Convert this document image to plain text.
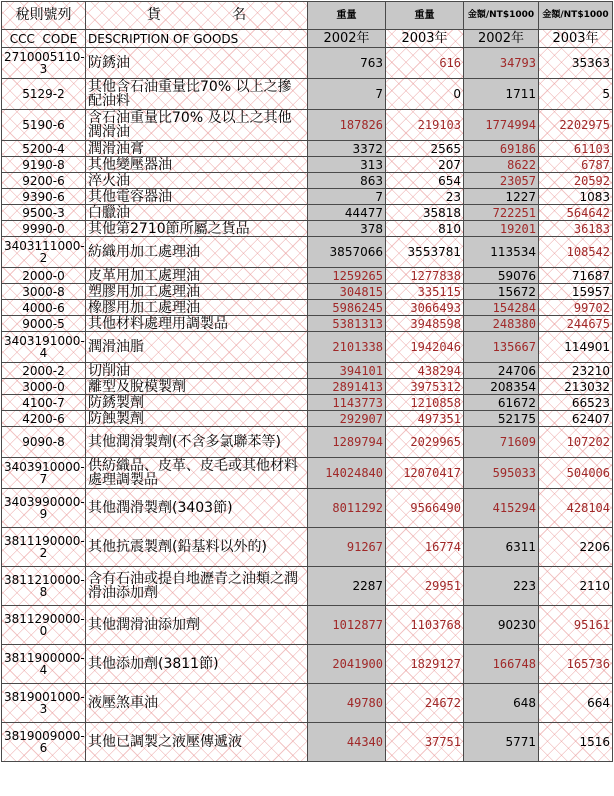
稅則號列	貨                名	重量	重量	金額/NT$1000	金額/NT$1000
CCC  CODE	DESCRIPTION OF GOODS	2002年	2003年	2002年	2003年
2710005110-3	防銹油	763	616	34793	35363
5129-2	其他含石油重量比70% 以上之摻配油料	7	0	1711	5
5190-6	含石油重量比70% 及以上之其他潤滑油	187826	219103	1774994	2202975
5200-4	潤滑油膏	3372	2565	69186	61103
9190-8	其他變壓器油	313	207	8622	6787
9200-6	淬火油	863	654	23057	20592
9390-6	其他電容器油	7	23	1227	1083
9500-3	白臘油	44477	35818	722251	564642
9990-0	其他第2710節所屬之貨品	378	810	19201	36183
3403111000-2	紡織用加工處理油	3857066	3553781	113534	108542
2000-0	皮革用加工處理油	1259265	1277838	59076	71687
3000-8	塑膠用加工處理油	304815	335115	15672	15957
4000-6	橡膠用加工處理油	5986245	3066493	154284	99702
9000-5	其他材料處理用調製品	5381313	3948598	248380	244675
3403191000-4	潤滑油脂	2101338	1942046	135667	114901
2000-2	切削油	394101	438294	24706	23210
3000-0	離型及脫模製劑	2891413	3975312	208354	213032
4100-7	防銹製劑	1143773	1210858	61672	66523
4200-6	防蝕製劑	292907	497351	52175	62407
9090-8	其他潤滑製劑(不含多氯聯苯等)	1289794	2029965	71609	107202
3403910000-7	供紡織品、皮革、皮毛或其他材料處理調製品	14024840	12070417	595033	504006
3403990000-9	其他潤滑製劑(3403節)	8011292	9566490	415294	428104
3811190000-2	其他抗震製劑(鉛基料以外的)	91267	16774	6311	2206
3811210000-8	含有石油或提自地瀝青之油類之潤滑油添加劑	2287	29951	223	2110
3811290000-0	其他潤滑油添加劑	1012877	1103768	90230	95161
3811900000-4	其他添加劑(3811節)	2041900	1829127	166748	165736
3819001000-3	液壓煞車油	49780	24672	648	664
3819009000-6	其他已調製之液壓傳遞液	44340	37751	5771	1516
